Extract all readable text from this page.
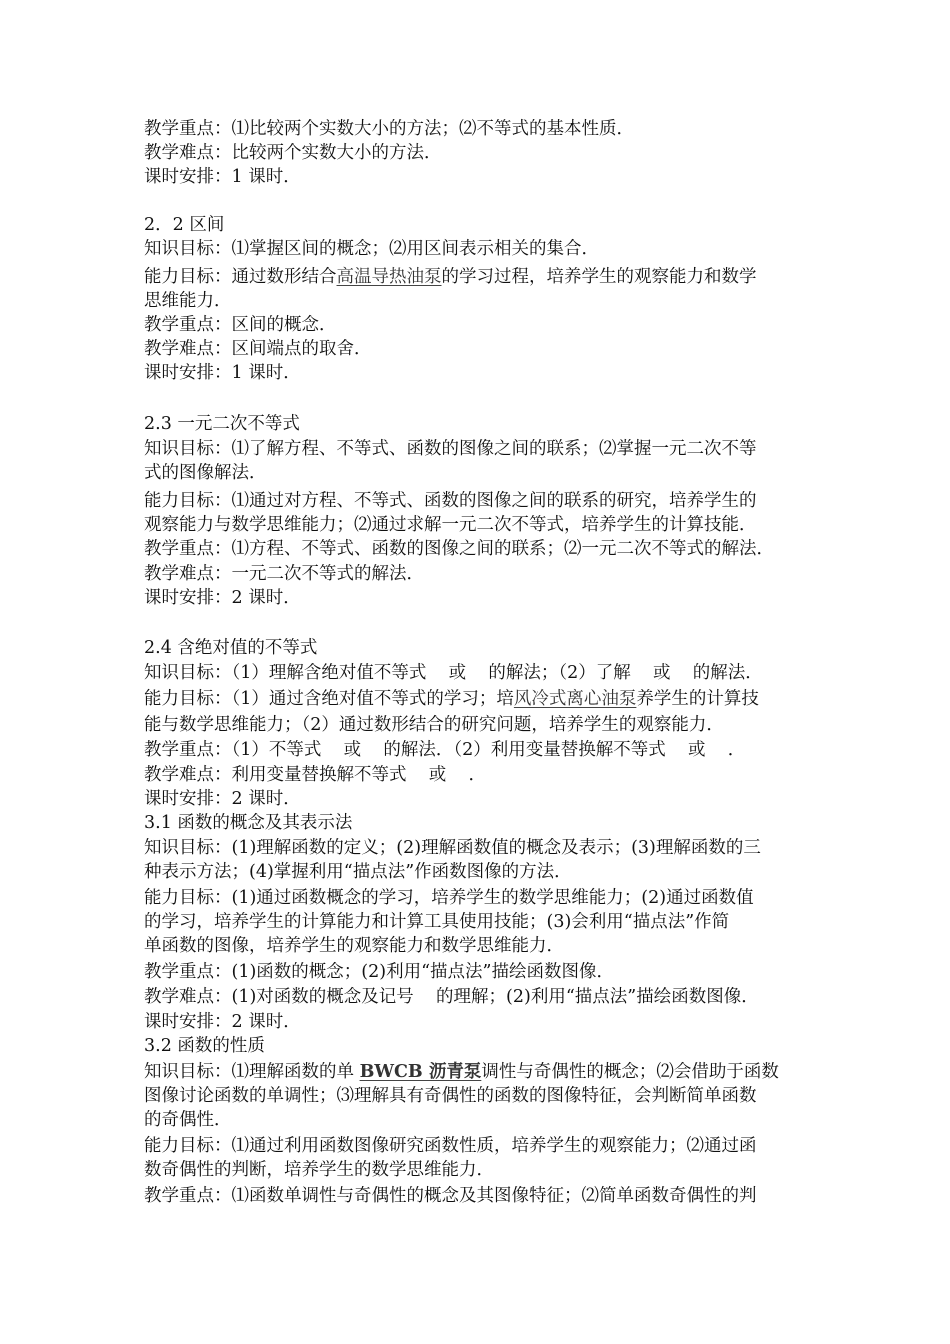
教学重点：⑴比较两个实数大小的方法；⑵不等式的基本性质．
教学难点：比较两个实数大小的方法．
课时安排：1 课时．
2．2 区间
知识目标：⑴掌握区间的概念；⑵用区间表示相关的集合．
能力目标：通过数形结合高温导热油泵的学习过程，培养学生的观察能力和数学
思维能力．
教学重点：区间的概念．
教学难点：区间端点的取舍．
课时安排：1 课时．
2.3 一元二次不等式
知识目标：⑴了解方程、不等式、函数的图像之间的联系；⑵掌握一元二次不等
式的图像解法．
能力目标：⑴通过对方程、不等式、函数的图像之间的联系的研究，培养学生的
观察能力与数学思维能力；⑵通过求解一元二次不等式，培养学生的计算技能．
教学重点：⑴方程、不等式、函数的图像之间的联系；⑵一元二次不等式的解法．
教学难点：一元二次不等式的解法．
课时安排：2 课时．
2.4 含绝对值的不等式
知识目标：（1）理解含绝对值不等式    或    的解法；（2）了解    或    的解法．
能力目标：（1）通过含绝对值不等式的学习；培风冷式离心油泵养学生的计算技
能与数学思维能力；（2）通过数形结合的研究问题，培养学生的观察能力．
教学重点：（1）不等式    或    的解法．（2）利用变量替换解不等式    或    ．
教学难点：利用变量替换解不等式    或    ．
课时安排：2 课时．
3.1 函数的概念及其表示法
知识目标：(1)理解函数的定义；(2)理解函数值的概念及表示；(3)理解函数的三
种表示方法；(4)掌握利用“描点法”作函数图像的方法．
能力目标：(1)通过函数概念的学习，培养学生的数学思维能力；(2)通过函数值
的学习，培养学生的计算能力和计算工具使用技能；(3)会利用“描点法”作简
单函数的图像，培养学生的观察能力和数学思维能力．
教学重点：(1)函数的概念；(2)利用“描点法”描绘函数图像．
教学难点：(1)对函数的概念及记号    的理解；(2)利用“描点法”描绘函数图像．
课时安排：2 课时．
3.2 函数的性质
知识目标：⑴理解函数的单 BWCB 沥青泵调性与奇偶性的概念；⑵会借助于函数
图像讨论函数的单调性；⑶理解具有奇偶性的函数的图像特征，会判断简单函数
的奇偶性．
能力目标：⑴通过利用函数图像研究函数性质，培养学生的观察能力；⑵通过函
数奇偶性的判断，培养学生的数学思维能力．
教学重点：⑴函数单调性与奇偶性的概念及其图像特征；⑵简单函数奇偶性的判
